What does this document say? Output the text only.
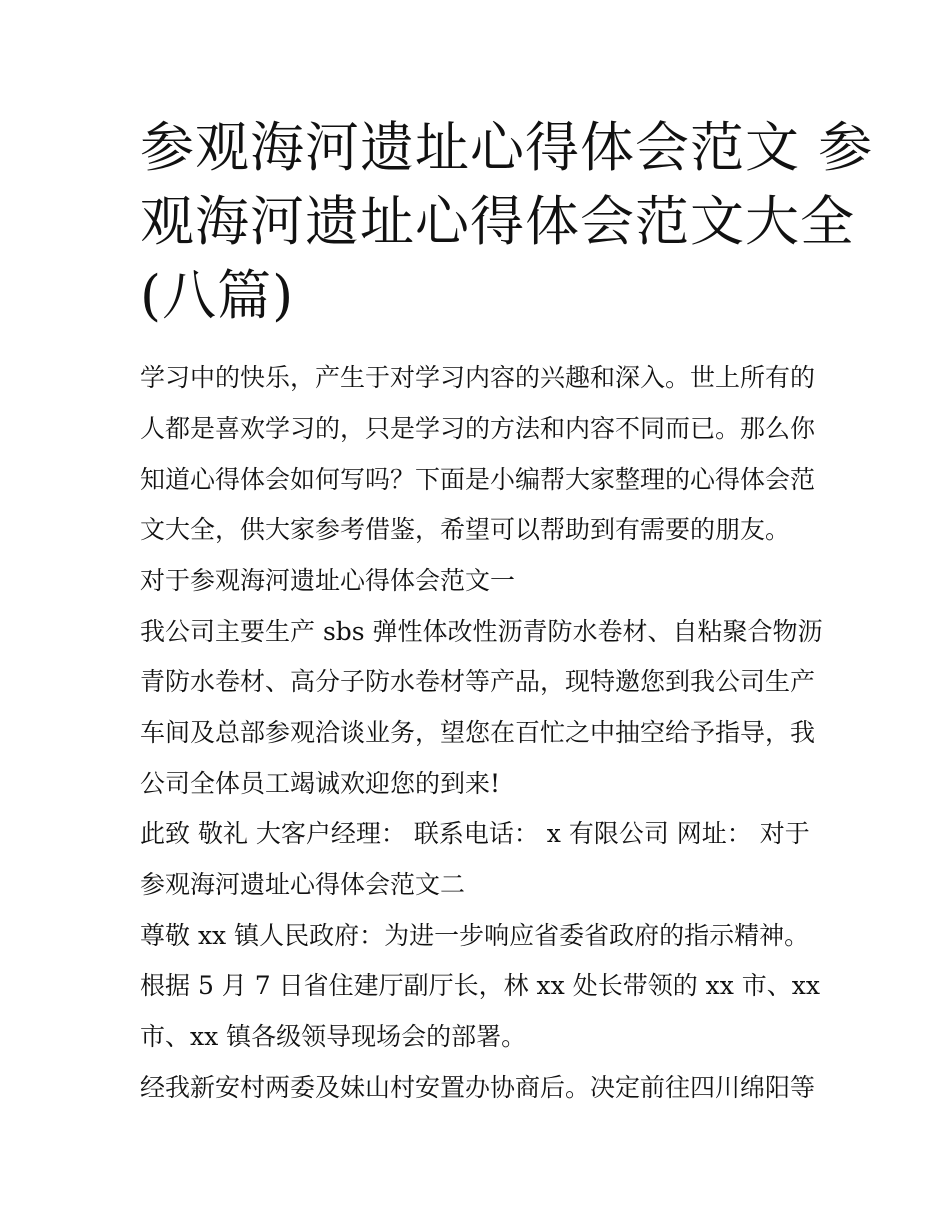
参观海河遗址心得体会范文 参
观海河遗址心得体会范文大全
(八篇)
学习中的快乐，产生于对学习内容的兴趣和深入。世上所有的
人都是喜欢学习的，只是学习的方法和内容不同而已。那么你
知道心得体会如何写吗？下面是小编帮大家整理的心得体会范
文大全，供大家参考借鉴，希望可以帮助到有需要的朋友。
对于参观海河遗址心得体会范文一
我公司主要生产 sbs 弹性体改性沥青防水卷材、自粘聚合物沥
青防水卷材、高分子防水卷材等产品，现特邀您到我公司生产
车间及总部参观洽谈业务，望您在百忙之中抽空给予指导，我
公司全体员工竭诚欢迎您的到来!
此致 敬礼 大客户经理： 联系电话： x 有限公司 网址： 对于
参观海河遗址心得体会范文二
尊敬 xx 镇人民政府：为进一步响应省委省政府的指示精神。
根据 5 月 7 日省住建厅副厅长，林 xx 处长带领的 xx 市、xx
市、xx 镇各级领导现场会的部署。
经我新安村两委及妹山村安置办协商后。决定前往四川绵阳等
